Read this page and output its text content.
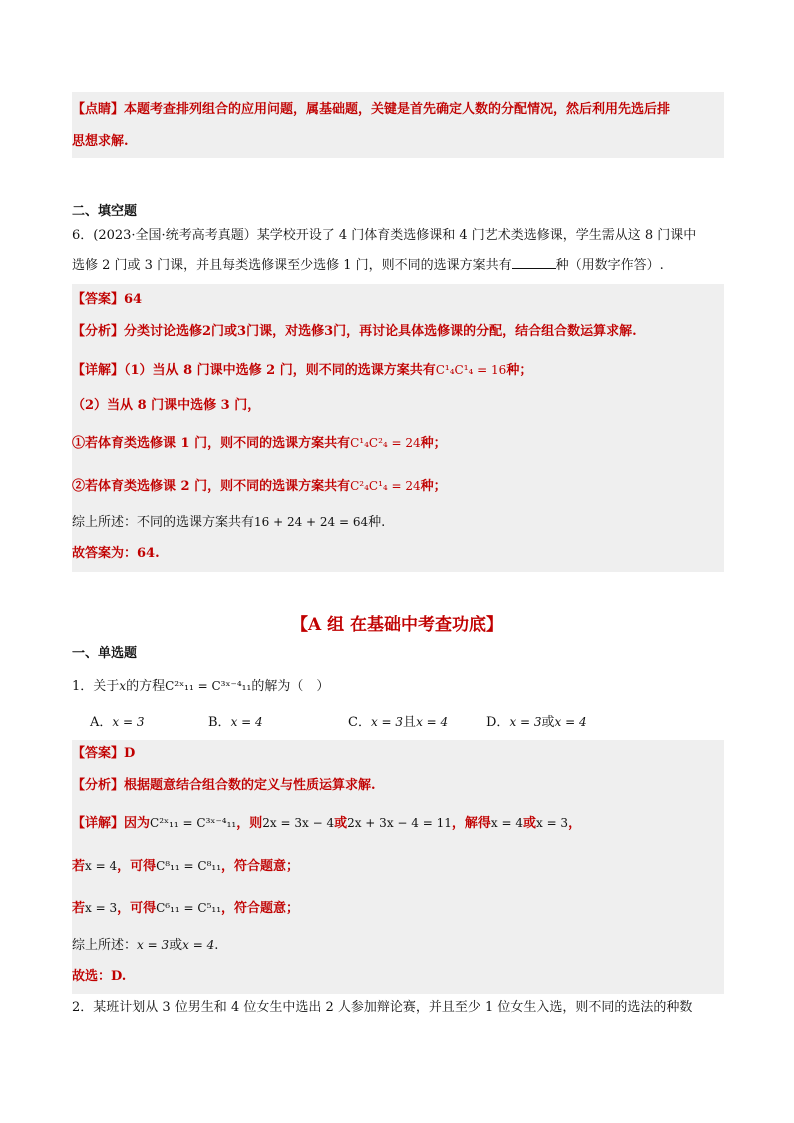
【点睛】本题考查排列组合的应用问题，属基础题，关键是首先确定人数的分配情况，然后利用先选后排
思想求解.
二、填空题
6．(2023·全国·统考高考真题）某学校开设了 4 门体育类选修课和 4 门艺术类选修课，学生需从这 8 门课中
选修 2 门或 3 门课，并且每类选修课至少选修 1 门，则不同的选课方案共有	种（用数字作答）.
【答案】64
【分析】分类讨论选修2门或3门课，对选修3门，再讨论具体选修课的分配，结合组合数运算求解.
【详解】（1）当从 8 门课中选修 2 门，则不同的选课方案共有C¹₄C¹₄ = 16种；
（2）当从 8 门课中选修 3 门，
①若体育类选修课 1 门，则不同的选课方案共有C¹₄C²₄ = 24种；
②若体育类选修课 2 门，则不同的选课方案共有C²₄C¹₄ = 24种；
综上所述：不同的选课方案共有16 + 24 + 24 = 64种.
故答案为：64.
【A 组 在基础中考查功底】
一、单选题
1．关于x的方程C²ˣ₁₁ = C³ˣ⁻⁴₁₁的解为（　）
A．x = 3	B．x = 4	C．x = 3且x = 4	D．x = 3或x = 4
【答案】D
【分析】根据题意结合组合数的定义与性质运算求解.
【详解】因为C²ˣ₁₁ = C³ˣ⁻⁴₁₁，则2x = 3x − 4或2x + 3x − 4 = 11，解得x = 4或x = 3，
若x = 4，可得C⁸₁₁ = C⁸₁₁，符合题意；
若x = 3，可得C⁶₁₁ = C⁵₁₁，符合题意；
综上所述：x = 3或x = 4.
故选：D.
2．某班计划从 3 位男生和 4 位女生中选出 2 人参加辩论赛，并且至少 1 位女生入选，则不同的选法的种数
